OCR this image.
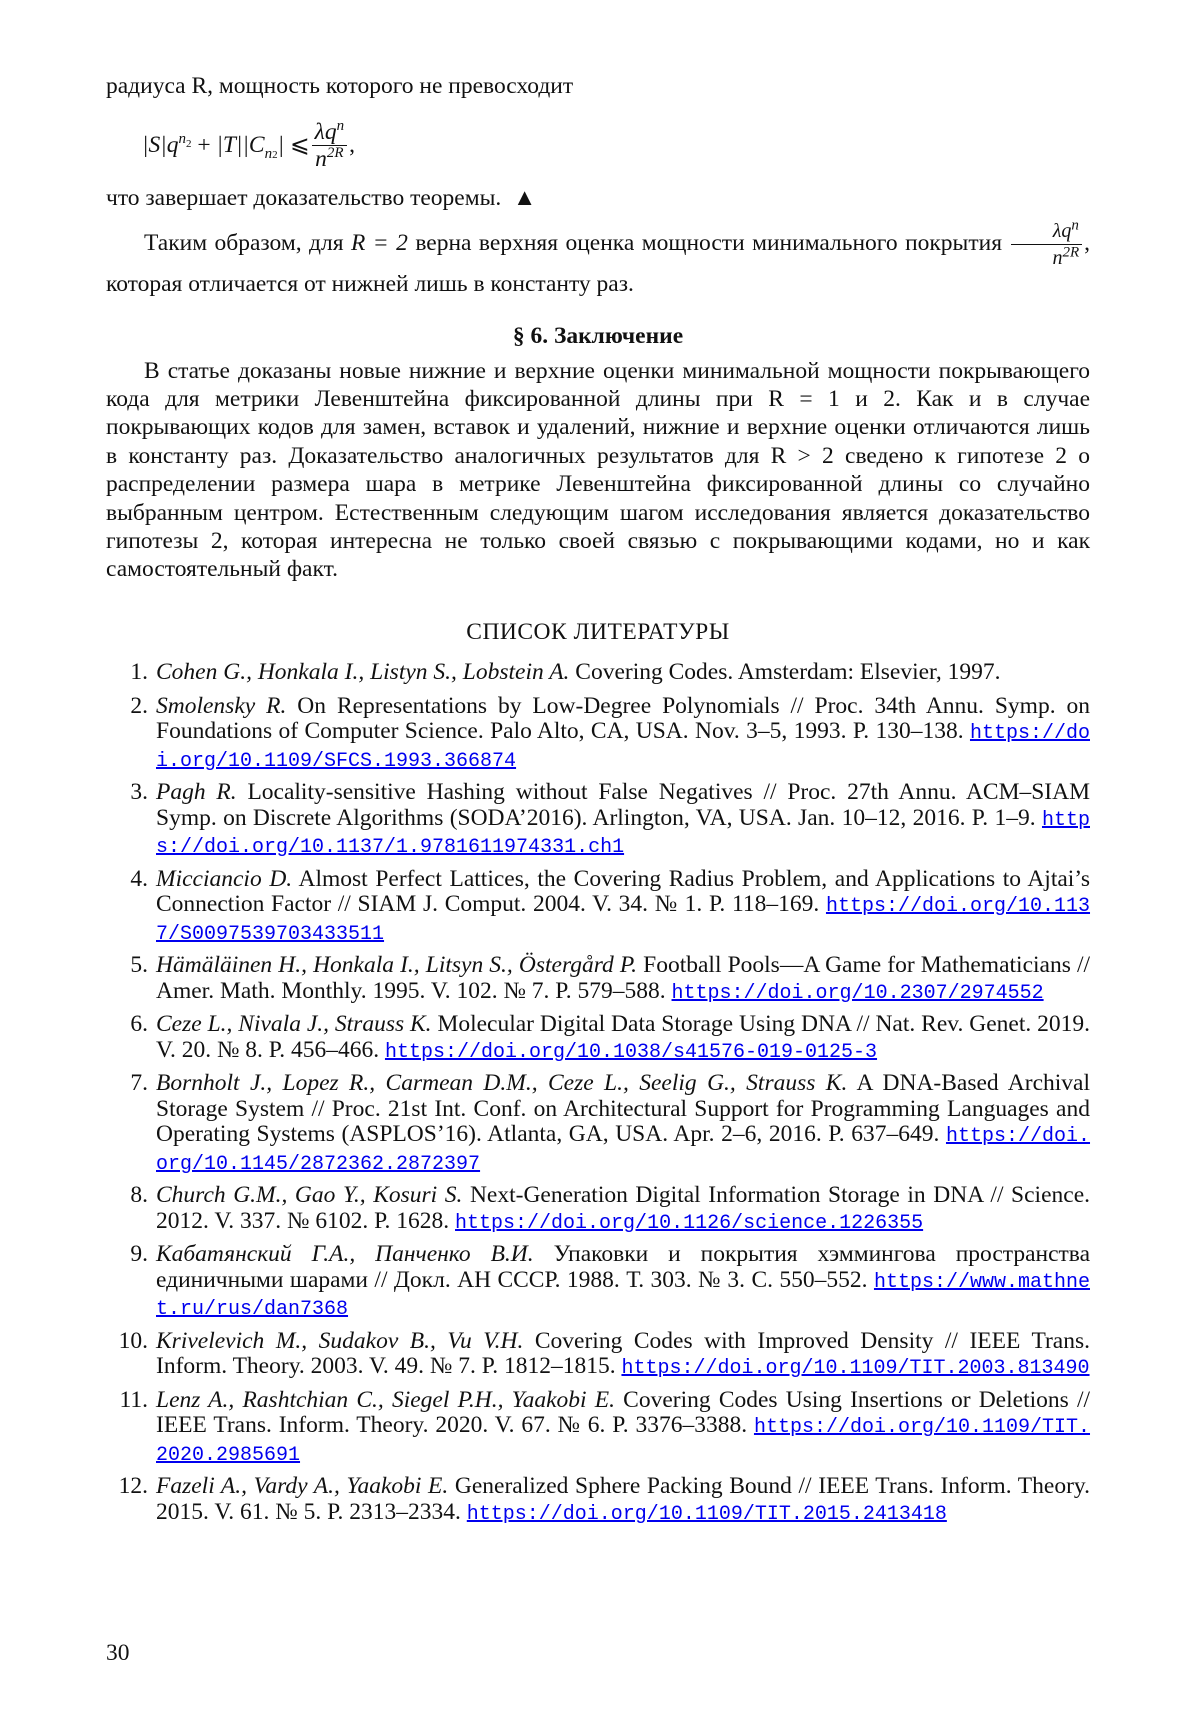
радиуса R, мощность которого не превосходит

$|S|q^{n_2} + |T||C_{n2}|$ ⩽ $\frac{\lambda q^n}{n^{2R}}$ ,

что завершает доказательство теоремы. ▲

Таким образом, для R = 2 верна верхняя оценка мощности минимального покрытия $\frac{\lambda q^n}{n^{2R}}$ , которая отличается от нижней лишь в константу раз.

§ 6. Заключение

В статье доказаны новые нижние и верхние оценки минимальной мощности покрывающего кода для метрики Левенштейна фиксированной длины при R = 1 и 2. Как и в случае покрывающих кодов для замен, вставок и удалений, нижние и верхние оценки отличаются лишь в константу раз. Доказательство аналогичных результатов для R > 2 сведено к гипотезе 2 о распределении размера шара в метрике Левенштейна фиксированной длины со случайно выбранным центром. Естественным следующим шагом исследования является доказательство гипотезы 2, которая интересна не только своей связью с покрывающими кодами, но и как самостоятельный факт.

СПИСОК ЛИТЕРАТУРЫ

1. Cohen G., Honkala I., Listyn S., Lobstein A. Covering Codes. Amsterdam: Elsevier, 1997.
2. Smolensky R. On Representations by Low-Degree Polynomials // Proc. 34th Annu. Symp. on Foundations of Computer Science. Palo Alto, CA, USA. Nov. 3–5, 1993. P. 130–138. https://doi.org/10.1109/SFCS.1993.366874
3. Pagh R. Locality-sensitive Hashing without False Negatives // Proc. 27th Annu. ACM–SIAM Symp. on Discrete Algorithms (SODA’2016). Arlington, VA, USA. Jan. 10–12, 2016. P. 1–9. https://doi.org/10.1137/1.9781611974331.ch1
4. Micciancio D. Almost Perfect Lattices, the Covering Radius Problem, and Applications to Ajtai’s Connection Factor // SIAM J. Comput. 2004. V. 34. № 1. P. 118–169. https://doi.org/10.1137/S0097539703433511
5. Hämäläinen H., Honkala I., Litsyn S., Östergård P. Football Pools—A Game for Mathematicians // Amer. Math. Monthly. 1995. V. 102. № 7. P. 579–588. https://doi.org/10.2307/2974552
6. Ceze L., Nivala J., Strauss K. Molecular Digital Data Storage Using DNA // Nat. Rev. Genet. 2019. V. 20. № 8. P. 456–466. https://doi.org/10.1038/s41576-019-0125-3
7. Bornholt J., Lopez R., Carmean D.M., Ceze L., Seelig G., Strauss K. A DNA-Based Archival Storage System // Proc. 21st Int. Conf. on Architectural Support for Programming Languages and Operating Systems (ASPLOS’16). Atlanta, GA, USA. Apr. 2–6, 2016. P. 637–649. https://doi.org/10.1145/2872362.2872397
8. Church G.M., Gao Y., Kosuri S. Next-Generation Digital Information Storage in DNA // Science. 2012. V. 337. № 6102. P. 1628. https://doi.org/10.1126/science.1226355
9. Кабатянский Г.А., Панченко В.И. Упаковки и покрытия хэммингова пространства единичными шарами // Докл. АН СССР. 1988. Т. 303. № 3. С. 550–552. https://www.mathnet.ru/rus/dan7368
10. Krivelevich M., Sudakov B., Vu V.H. Covering Codes with Improved Density // IEEE Trans. Inform. Theory. 2003. V. 49. № 7. P. 1812–1815. https://doi.org/10.1109/TIT.2003.813490
11. Lenz A., Rashtchian C., Siegel P.H., Yaakobi E. Covering Codes Using Insertions or Deletions // IEEE Trans. Inform. Theory. 2020. V. 67. № 6. P. 3376–3388. https://doi.org/10.1109/TIT.2020.2985691
12. Fazeli A., Vardy A., Yaakobi E. Generalized Sphere Packing Bound // IEEE Trans. Inform. Theory. 2015. V. 61. № 5. P. 2313–2334. https://doi.org/10.1109/TIT.2015.2413418
30
